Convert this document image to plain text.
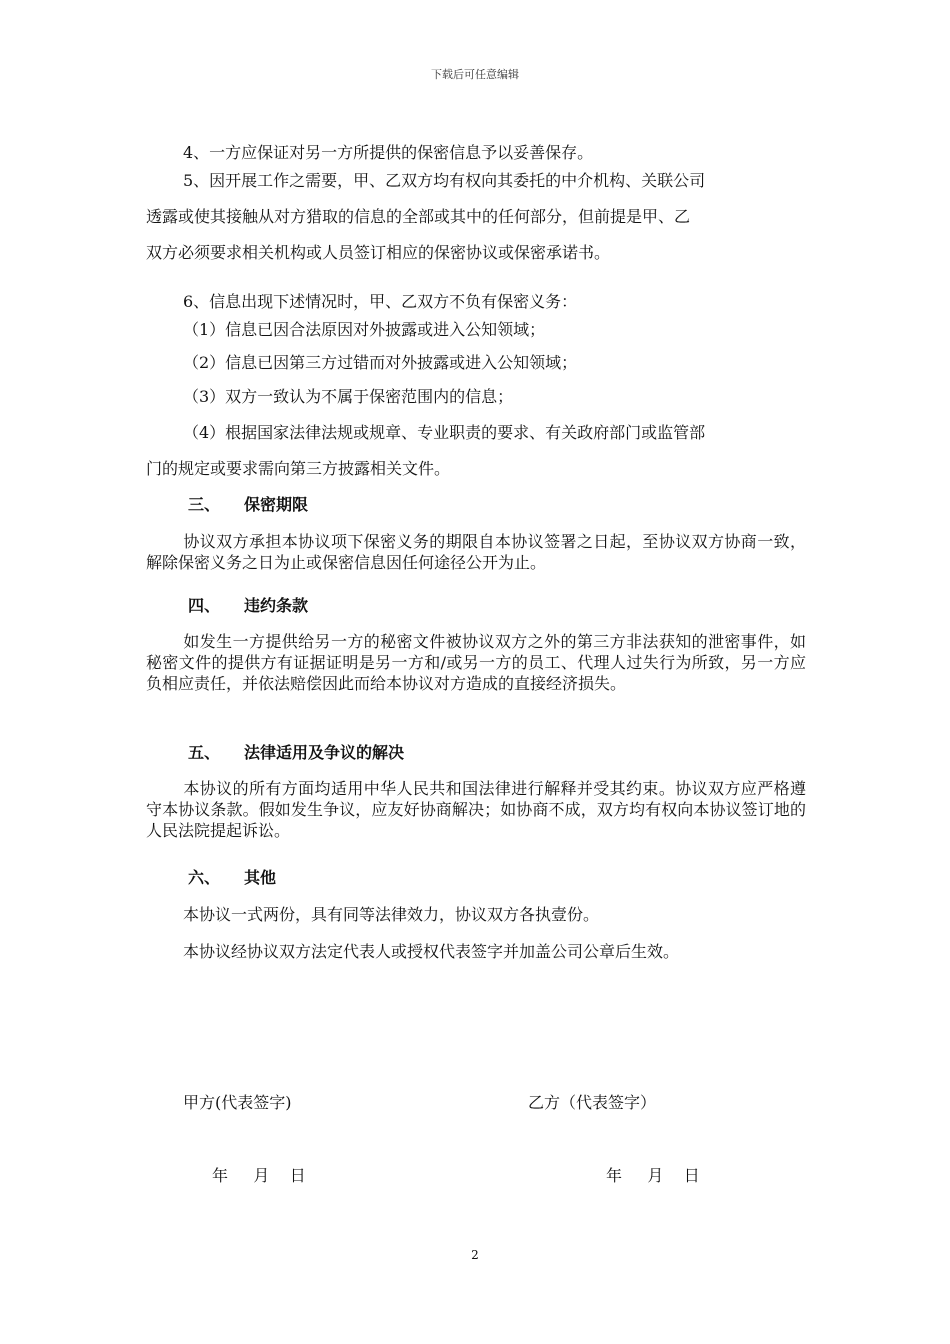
下载后可任意编辑
4、一方应保证对另一方所提供的保密信息予以妥善保存。
5、因开展工作之需要，甲、乙双方均有权向其委托的中介机构、关联公司
透露或使其接触从对方猎取的信息的全部或其中的任何部分，但前提是甲、乙
双方必须要求相关机构或人员签订相应的保密协议或保密承诺书。
6、信息出现下述情况时，甲、乙双方不负有保密义务：
（1）信息已因合法原因对外披露或进入公知领域；
（2）信息已因第三方过错而对外披露或进入公知领域；
（3）双方一致认为不属于保密范围内的信息；
（4）根据国家法律法规或规章、专业职责的要求、有关政府部门或监管部
门的规定或要求需向第三方披露相关文件。
三、 保密期限
协议双方承担本协议项下保密义务的期限自本协议签署之日起，至协议双方协商一致，解除保密义务之日为止或保密信息因任何途径公开为止。
四、 违约条款
如发生一方提供给另一方的秘密文件被协议双方之外的第三方非法获知的泄密事件，如秘密文件的提供方有证据证明是另一方和/或另一方的员工、代理人过失行为所致，另一方应负相应责任，并依法赔偿因此而给本协议对方造成的直接经济损失。
五、 法律适用及争议的解决
本协议的所有方面均适用中华人民共和国法律进行解释并受其约束。协议双方应严格遵守本协议条款。假如发生争议，应友好协商解决；如协商不成，双方均有权向本协议签订地的人民法院提起诉讼。
六、 其他
本协议一式两份，具有同等法律效力，协议双方各执壹份。
本协议经协议双方法定代表人或授权代表签字并加盖公司公章后生效。
甲方(代表签字)	乙方（代表签字）
年     月    日	年     月    日
2
